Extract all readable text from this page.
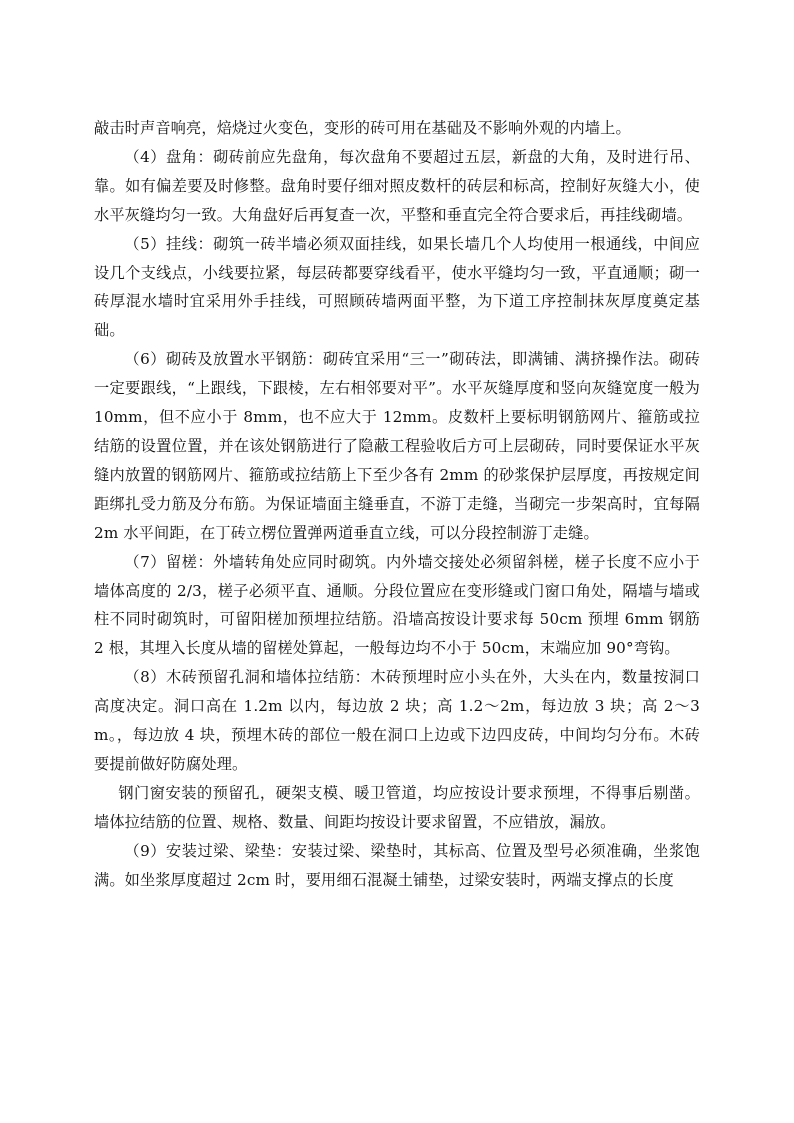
敲击时声音响亮，焙烧过火变色，变形的砖可用在基础及不影响外观的内墙上。

（4）盘角：砌砖前应先盘角，每次盘角不要超过五层，新盘的大角，及时进行吊、靠。如有偏差要及时修整。盘角时要仔细对照皮数杆的砖层和标高，控制好灰缝大小，使水平灰缝均匀一致。大角盘好后再复查一次，平整和垂直完全符合要求后，再挂线砌墙。

（5）挂线：砌筑一砖半墙必须双面挂线，如果长墙几个人均使用一根通线，中间应设几个支线点，小线要拉紧，每层砖都要穿线看平，使水平缝均匀一致，平直通顺；砌一砖厚混水墙时宜采用外手挂线，可照顾砖墙两面平整，为下道工序控制抹灰厚度奠定基础。

（6）砌砖及放置水平钢筋：砌砖宜采用“三一”砌砖法，即满铺、满挤操作法。砌砖一定要跟线，“上跟线，下跟棱，左右相邻要对平”。水平灰缝厚度和竖向灰缝宽度一般为 10mm，但不应小于 8mm，也不应大于 12mm。皮数杆上要标明钢筋网片、箍筋或拉结筋的设置位置，并在该处钢筋进行了隐蔽工程验收后方可上层砌砖，同时要保证水平灰缝内放置的钢筋网片、箍筋或拉结筋上下至少各有 2mm 的砂浆保护层厚度，再按规定间距绑扎受力筋及分布筋。为保证墙面主缝垂直，不游丁走缝，当砌完一步架高时，宜每隔 2m 水平间距，在丁砖立楞位置弹两道垂直立线，可以分段控制游丁走缝。

（7）留槎：外墙转角处应同时砌筑。内外墙交接处必须留斜槎，槎子长度不应小于墙体高度的 2/3，槎子必须平直、通顺。分段位置应在变形缝或门窗口角处，隔墙与墙或柱不同时砌筑时，可留阳槎加预埋拉结筋。沿墙高按设计要求每 50cm 预埋 6mm 钢筋 2 根，其埋入长度从墙的留槎处算起，一般每边均不小于 50cm，末端应加 90°弯钩。

（8）木砖预留孔洞和墙体拉结筋：木砖预埋时应小头在外，大头在内，数量按洞口高度决定。洞口高在 1.2m 以内，每边放 2 块；高 1.2～2m，每边放 3 块；高 2～3m。，每边放 4 块，预埋木砖的部位一般在洞口上边或下边四皮砖，中间均匀分布。木砖要提前做好防腐处理。

钢门窗安装的预留孔，硬架支模、暖卫管道，均应按设计要求预埋，不得事后剔凿。墙体拉结筋的位置、规格、数量、间距均按设计要求留置，不应错放，漏放。

（9）安装过梁、梁垫：安装过梁、梁垫时，其标高、位置及型号必须准确，坐浆饱满。如坐浆厚度超过 2cm 时，要用细石混凝土铺垫，过梁安装时，两端支撑点的长度
